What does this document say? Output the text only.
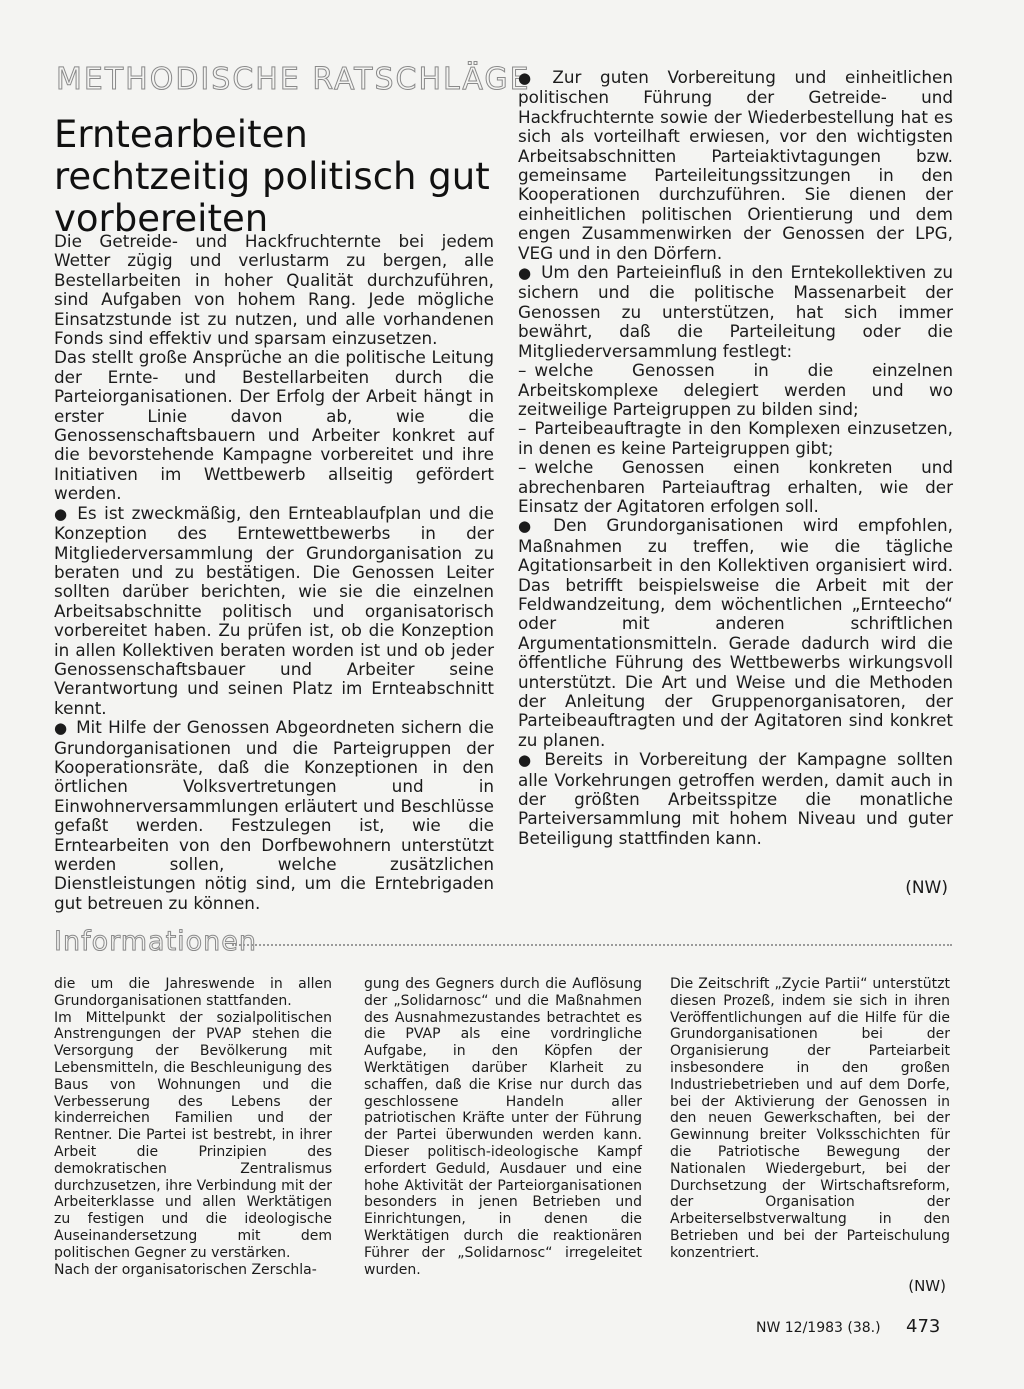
METHODISCHE RATSCHLÄGE
Erntearbeiten rechtzeitig politisch gut vorbereiten

Die Getreide- und Hackfruchternte bei jedem Wetter zügig und verlustarm zu bergen, alle Bestellarbeiten in hoher Qualität durchzuführen, sind Aufgaben von hohem Rang. Jede mögliche Einsatzstunde ist zu nutzen, und alle vorhandenen Fonds sind effektiv und sparsam einzusetzen.

Das stellt große Ansprüche an die politische Leitung der Ernte- und Bestellarbeiten durch die Parteiorganisationen. Der Erfolg der Arbeit hängt in erster Linie davon ab, wie die Genossenschaftsbauern und Arbeiter konkret auf die bevorstehende Kampagne vorbereitet und ihre Initiativen im Wettbewerb allseitig gefördert werden.

● Es ist zweckmäßig, den Ernteablaufplan und die Konzeption des Erntewettbewerbs in der Mitgliederversammlung der Grundorganisation zu beraten und zu bestätigen. Die Genossen Leiter sollten darüber berichten, wie sie die einzelnen Arbeitsabschnitte politisch und organisatorisch vorbereitet haben. Zu prüfen ist, ob die Konzeption in allen Kollektiven beraten worden ist und ob jeder Genossenschaftsbauer und Arbeiter seine Verantwortung und seinen Platz im Ernteabschnitt kennt.

● Mit Hilfe der Genossen Abgeordneten sichern die Grundorganisationen und die Parteigruppen der Kooperationsräte, daß die Konzeptionen in den örtlichen Volksvertretungen und in Einwohnerversammlungen erläutert und Beschlüsse gefaßt werden. Festzulegen ist, wie die Erntearbeiten von den Dorfbewohnern unterstützt werden sollen, welche zusätzlichen Dienstleistungen nötig sind, um die Erntebrigaden gut betreuen zu können.

● Zur guten Vorbereitung und einheitlichen politischen Führung der Getreide- und Hackfruchternte sowie der Wiederbestellung hat es sich als vorteilhaft erwiesen, vor den wichtigsten Arbeitsabschnitten Parteiaktivtagungen bzw. gemeinsame Parteileitungssitzungen in den Kooperationen durchzuführen. Sie dienen der einheitlichen politischen Orientierung und dem engen Zusammenwirken der Genossen der LPG, VEG und in den Dörfern.

● Um den Parteieinfluß in den Erntekollektiven zu sichern und die politische Massenarbeit der Genossen zu unterstützen, hat sich immer bewährt, daß die Parteileitung oder die Mitgliederversammlung festlegt:

– welche Genossen in die einzelnen Arbeitskomplexe delegiert werden und wo zeitweilige Parteigruppen zu bilden sind;

– Parteibeauftragte in den Komplexen einzusetzen, in denen es keine Parteigruppen gibt;

– welche Genossen einen konkreten und abrechenbaren Parteiauftrag erhalten, wie der Einsatz der Agitatoren erfolgen soll.

● Den Grundorganisationen wird empfohlen, Maßnahmen zu treffen, wie die tägliche Agitationsarbeit in den Kollektiven organisiert wird. Das betrifft beispielsweise die Arbeit mit der Feldwandzeitung, dem wöchentlichen „Ernteecho“ oder mit anderen schriftlichen Argumentationsmitteln. Gerade dadurch wird die öffentliche Führung des Wettbewerbs wirkungsvoll unterstützt. Die Art und Weise und die Methoden der Anleitung der Gruppenorganisatoren, der Parteibeauftragten und der Agitatoren sind konkret zu planen.

● Bereits in Vorbereitung der Kampagne sollten alle Vorkehrungen getroffen werden, damit auch in der größten Arbeitsspitze die monatliche Parteiversammlung mit hohem Niveau und guter Beteiligung stattfinden kann.

(NW)
Informationen

die um die Jahreswende in allen Grundorganisationen stattfanden.

Im Mittelpunkt der sozialpolitischen Anstrengungen der PVAP stehen die Versorgung der Bevölkerung mit Lebensmitteln, die Beschleunigung des Baus von Wohnungen und die Verbesserung des Lebens der kinderreichen Familien und der Rentner. Die Partei ist bestrebt, in ihrer Arbeit die Prinzipien des demokratischen Zentralismus durchzusetzen, ihre Verbindung mit der Arbeiterklasse und allen Werktätigen zu festigen und die ideologische Auseinandersetzung mit dem politischen Gegner zu verstärken.

Nach der organisatorischen Zerschla-

gung des Gegners durch die Auflösung der „Solidarnosc“ und die Maßnahmen des Ausnahmezustandes betrachtet es die PVAP als eine vordringliche Aufgabe, in den Köpfen der Werktätigen darüber Klarheit zu schaffen, daß die Krise nur durch das geschlossene Handeln aller patriotischen Kräfte unter der Führung der Partei überwunden werden kann. Dieser politisch-ideologische Kampf erfordert Geduld, Ausdauer und eine hohe Aktivität der Parteiorganisationen besonders in jenen Betrieben und Einrichtungen, in denen die Werktätigen durch die reaktionären Führer der „Solidarnosc“ irregeleitet wurden.

Die Zeitschrift „Zycie Partii“ unterstützt diesen Prozeß, indem sie sich in ihren Veröffentlichungen auf die Hilfe für die Grundorganisationen bei der Organisierung der Parteiarbeit insbesondere in den großen Industriebetrieben und auf dem Dorfe, bei der Aktivierung der Genossen in den neuen Gewerkschaften, bei der Gewinnung breiter Volksschichten für die Patriotische Bewegung der Nationalen Wiedergeburt, bei der Durchsetzung der Wirtschaftsreform, der Organisation der Arbeiterselbstverwaltung in den Betrieben und bei der Parteischulung konzentriert.

(NW)
NW 12/1983 (38.) 473
